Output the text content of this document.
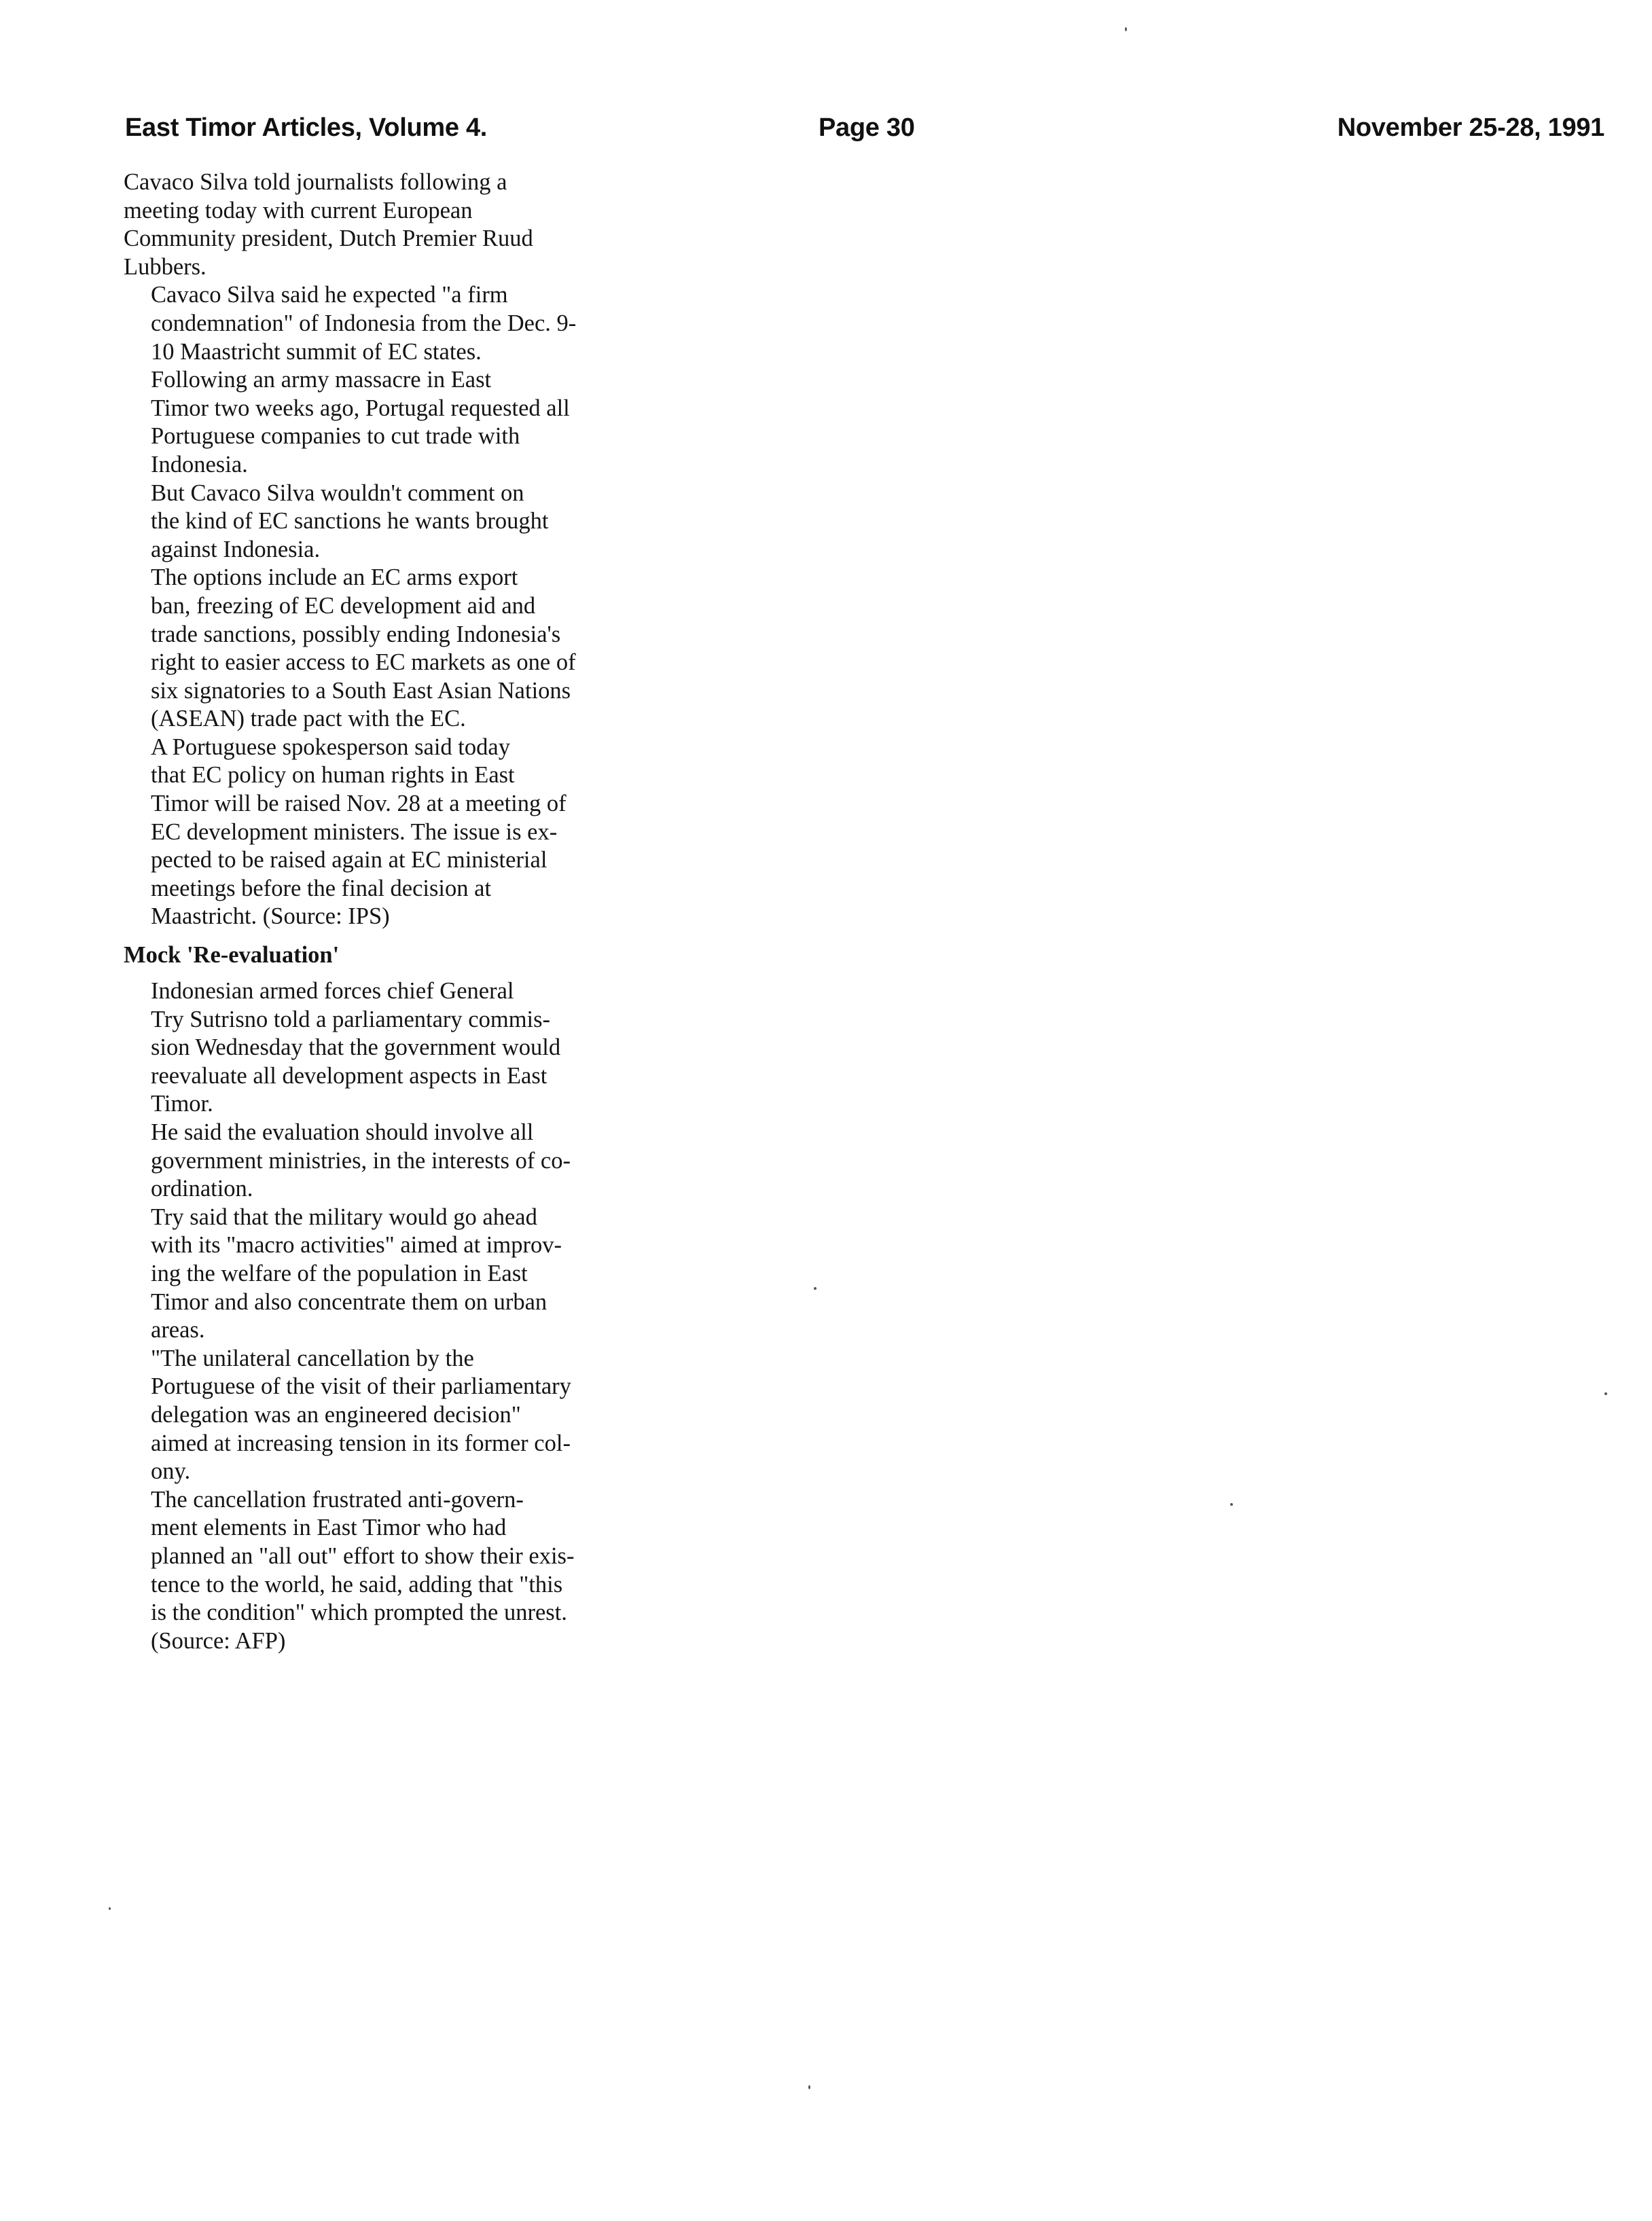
East Timor Articles, Volume 4.	Page 30	November 25-28, 1991
Cavaco Silva told journalists following a
meeting today with current European
Community president, Dutch Premier Ruud
Lubbers.
Cavaco Silva said he expected "a firm
condemnation" of Indonesia from the Dec. 9-
10 Maastricht summit of EC states.
Following an army massacre in East
Timor two weeks ago, Portugal requested all
Portuguese companies to cut trade with
Indonesia.
But Cavaco Silva wouldn't comment on
the kind of EC sanctions he wants brought
against Indonesia.
The options include an EC arms export
ban, freezing of EC development aid and
trade sanctions, possibly ending Indonesia's
right to easier access to EC markets as one of
six signatories to a South East Asian Nations
(ASEAN) trade pact with the EC.
A Portuguese spokesperson said today
that EC policy on human rights in East
Timor will be raised Nov. 28 at a meeting of
EC development ministers. The issue is ex-
pected to be raised again at EC ministerial
meetings before the final decision at
Maastricht. (Source: IPS)
Mock 'Re-evaluation'
Indonesian armed forces chief General
Try Sutrisno told a parliamentary commis-
sion Wednesday that the government would
reevaluate all development aspects in East
Timor.
He said the evaluation should involve all
government ministries, in the interests of co-
ordination.
Try said that the military would go ahead
with its "macro activities" aimed at improv-
ing the welfare of the population in East
Timor and also concentrate them on urban
areas.
"The unilateral cancellation by the
Portuguese of the visit of their parliamentary
delegation was an engineered decision"
aimed at increasing tension in its former col-
ony.
The cancellation frustrated anti-govern-
ment elements in East Timor who had
planned an "all out" effort to show their exis-
tence to the world, he said, adding that "this
is the condition" which prompted the unrest.
(Source: AFP)
